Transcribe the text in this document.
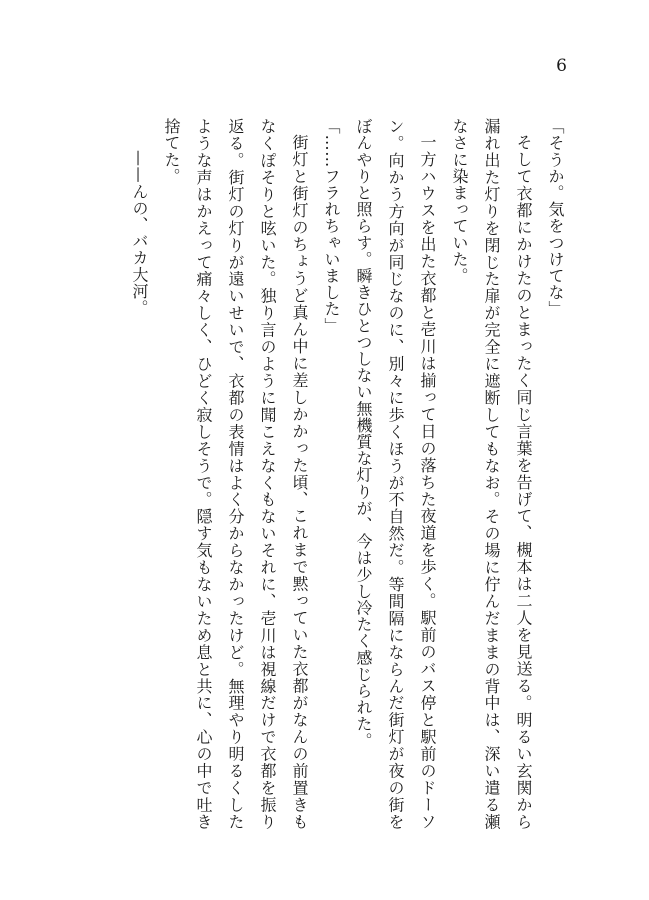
6

「そうか。気をつけてな」

そして衣都にかけたのとまったく同じ言葉を告げて、槻本は二人を見送る。明るい玄関から漏れ出た灯りを閉じた扉が完全に遮断してもなお。その場に佇んだままの背中は、深い遣る瀬なさに染まっていた。

一方ハウスを出た衣都と壱川は揃って日の落ちた夜道を歩く。駅前のバス停と駅前のドーソン。向かう方向が同じなのに、別々に歩くほうが不自然だ。等間隔にならんだ街灯が夜の街をぼんやりと照らす。瞬きひとつしない無機質な灯りが、今は少し冷たく感じられた。

「……フラれちゃいました」

街灯と街灯のちょうど真ん中に差しかかった頃、これまで黙っていた衣都がなんの前置きもなくぽそりと呟いた。独り言のように聞こえなくもないそれに、壱川は視線だけで衣都を振り返る。街灯の灯りが遠いせいで、衣都の表情はよく分からなかったけど。無理やり明るくしたような声はかえって痛々しく、ひどく寂しそうで。隠す気もないため息と共に、心の中で吐き捨てた。

——んの、バカ大河。
